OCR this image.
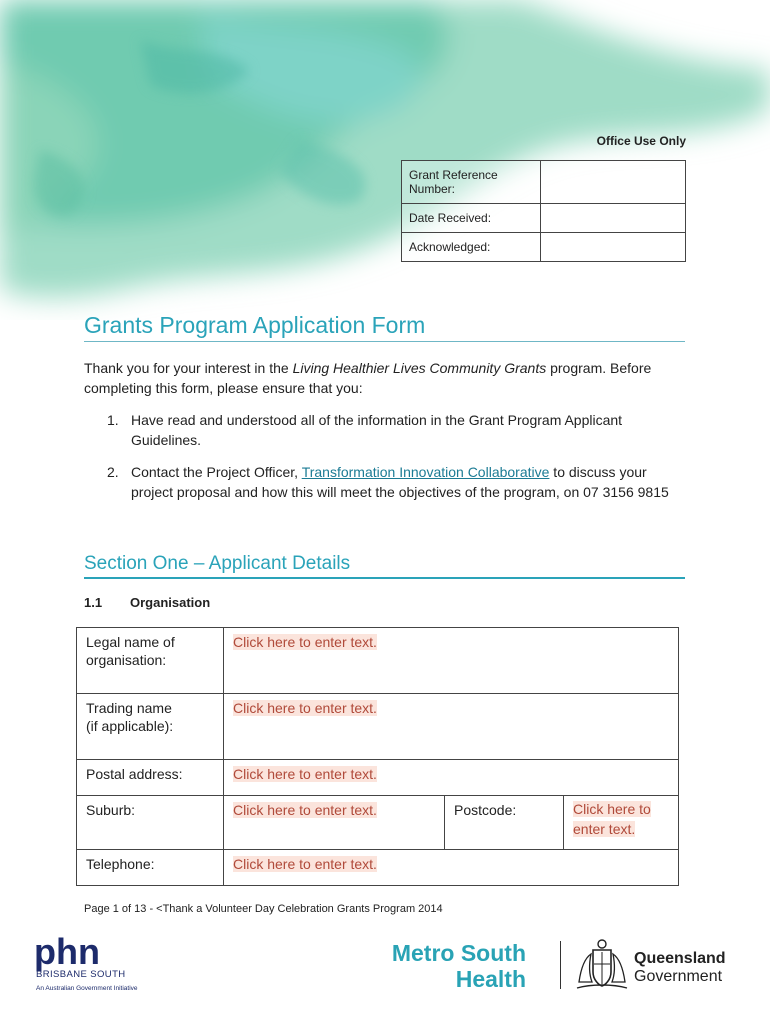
Office Use Only
Grant Reference Number:	
Date Received:	
Acknowledged:	
Grants Program Application Form
Thank you for your interest in the Living Healthier Lives Community Grants program. Before completing this form, please ensure that you:
1. Have read and understood all of the information in the Grant Program Applicant Guidelines.
2. Contact the Project Officer, Transformation Innovation Collaborative to discuss your project proposal and how this will meet the objectives of the program, on 07 3156 9815
Section One – Applicant Details
1.1 Organisation
Legal name of organisation:	Click here to enter text.		
Trading name
(if applicable):	Click here to enter text.		
Postal address:	Click here to enter text.		
Suburb:	Click here to enter text.	Postcode:	Click here to enter text.
Telephone:	Click here to enter text.		
Page 1 of 13 - <Thank a Volunteer Day Celebration Grants Program 2014
phn
BRISBANE SOUTH
An Australian Government Initiative
Metro South
Health
Queensland
Government
